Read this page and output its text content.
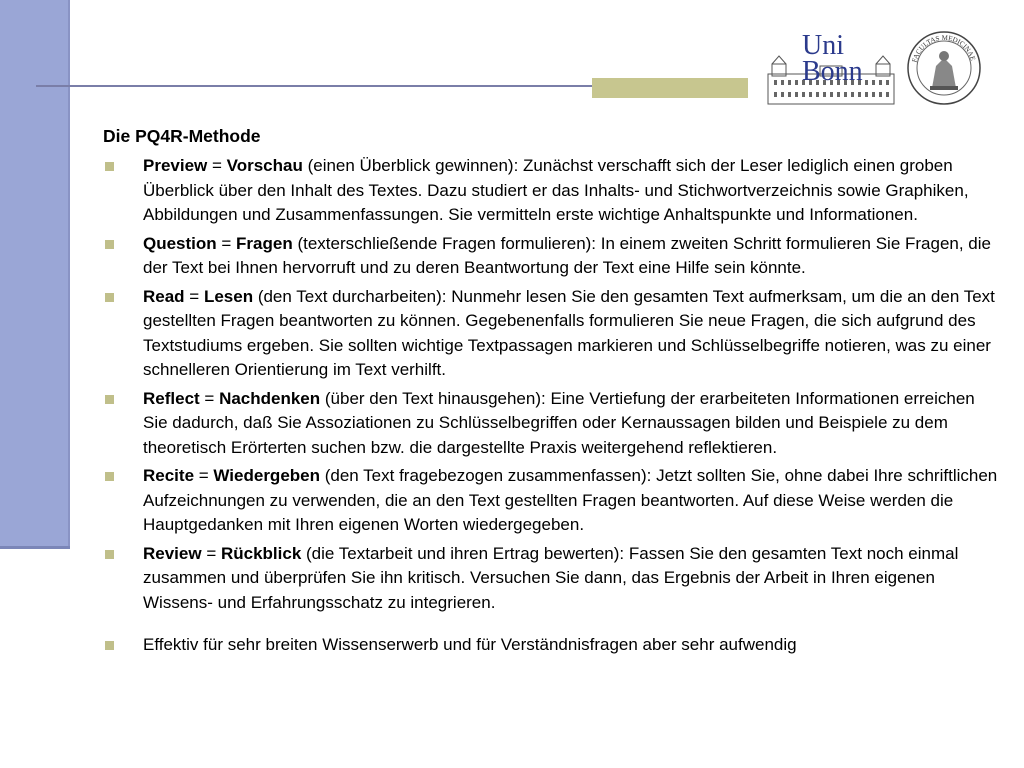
Uni
Bonn	FACULTAS MEDICINAE
Die PQ4R-Methode
Preview = Vorschau (einen Überblick gewinnen): Zunächst verschafft sich der Leser lediglich einen groben Überblick über den Inhalt des Textes. Dazu studiert er das Inhalts- und Stichwortverzeichnis sowie Graphiken, Abbildungen und Zusammenfassungen. Sie vermitteln erste wichtige Anhaltspunkte und Informationen.
Question = Fragen (texterschließende Fragen formulieren): In einem zweiten Schritt formulieren Sie Fragen, die der Text bei Ihnen hervorruft und zu deren Beantwortung der Text eine Hilfe sein könnte.
Read = Lesen (den Text durcharbeiten): Nunmehr lesen Sie den gesamten Text aufmerksam, um die an den Text gestellten Fragen beantworten zu können. Gegebenenfalls formulieren Sie neue Fragen, die sich aufgrund des Textstudiums ergeben. Sie sollten wichtige Textpassagen markieren und Schlüsselbegriffe notieren, was zu einer schnelleren Orientierung im Text verhilft.
Reflect = Nachdenken (über den Text hinausgehen): Eine Vertiefung der erarbeiteten Informationen erreichen Sie dadurch, daß Sie Assoziationen zu Schlüsselbegriffen oder Kernaussagen bilden und Beispiele zu dem theoretisch Erörterten suchen bzw. die dargestellte Praxis weitergehend reflektieren.
Recite = Wiedergeben (den Text fragebezogen zusammenfassen): Jetzt sollten Sie, ohne dabei Ihre schriftlichen Aufzeichnungen zu verwenden, die an den Text gestellten Fragen beantworten. Auf diese Weise werden die Hauptgedanken mit Ihren eigenen Worten wiedergegeben.
Review = Rückblick (die Textarbeit und ihren Ertrag bewerten): Fassen Sie den gesamten Text noch einmal zusammen und überprüfen Sie ihn kritisch. Versuchen Sie dann, das Ergebnis der Arbeit in Ihren eigenen Wissens- und Erfahrungsschatz zu integrieren.
Effektiv für sehr breiten Wissenserwerb und für Verständnisfragen aber sehr aufwendig
